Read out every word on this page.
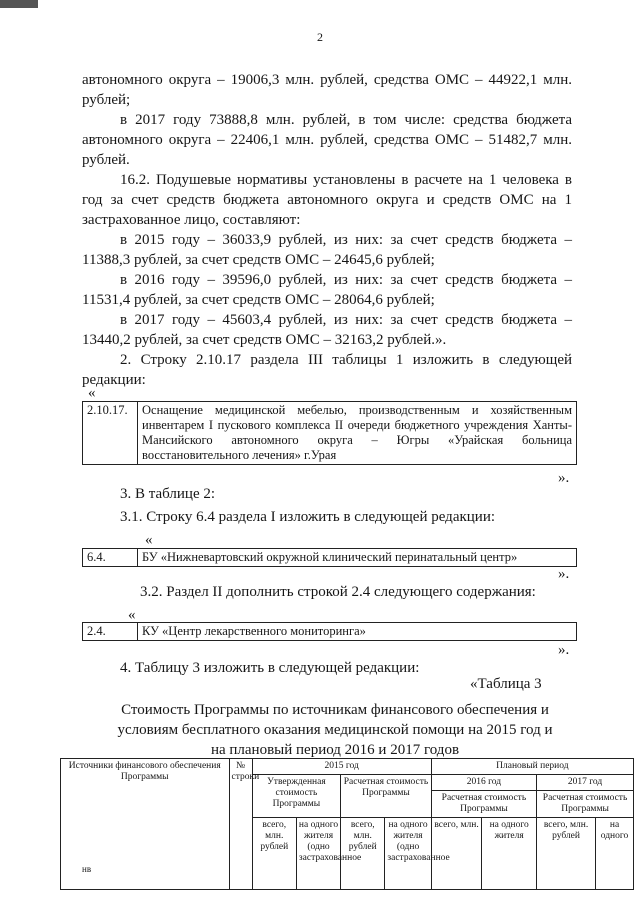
2

автономного округа – 19006,3 млн. рублей, средства ОМС – 44922,1 млн. рублей;

в 2017 году 73888,8 млн. рублей, в том числе: средства бюджета автономного округа – 22406,1 млн. рублей, средства ОМС – 51482,7 млн. рублей.

16.2. Подушевые нормативы установлены в расчете на 1 человека в год за счет средств бюджета автономного округа и средств ОМС на 1 застрахованное лицо, составляют:

в 2015 году – 36033,9 рублей, из них: за счет средств бюджета – 11388,3 рублей, за счет средств ОМС – 24645,6 рублей;

в 2016 году – 39596,0 рублей, из них: за счет средств бюджета – 11531,4 рублей, за счет средств ОМС – 28064,6 рублей;

в 2017 году – 45603,4 рублей, из них: за счет средств бюджета – 13440,2 рублей, за счет средств ОМС – 32163,2 рублей.».

2. Строку 2.10.17 раздела III таблицы 1 изложить в следующей редакции:

«
2.10.17.	Оснащение медицинской мебелью, производственным и хозяйственным инвентарем I пускового комплекса II очереди бюджетного учреждения Ханты-Мансийского автономного округа – Югры «Урайская больница восстановительного лечения» г.Урая
».
3. В таблице 2:
3.1. Строку 6.4 раздела I изложить в следующей редакции:
«
6.4.	БУ «Нижневартовский окружной клинический перинатальный центр»
».
3.2. Раздел II дополнить строкой 2.4 следующего содержания:
«
2.4.	КУ «Центр лекарственного мониторинга»
».
4. Таблицу 3 изложить в следующей редакции:
«Таблица 3

Стоимость Программы по источникам финансового обеспечения и условиям бесплатного оказания медицинской помощи на 2015 год и на плановый период 2016 и 2017 годов

Источники финансового обеспечения Программы	№ строки	2015 год				Плановый период			
		Утвержденная стоимость Программы		Расчетная стоимость Программы		2016 год		2017 год	
						Расчетная стоимость Программы		Расчетная стоимость Программы	
		всего, млн. рублей	на одного жителя (одно застрахованное	всего, млн. рублей	на одного жителя (одно застрахованное	всего, млн.	на одного жителя	всего, млн. рублей	на одного
нв
